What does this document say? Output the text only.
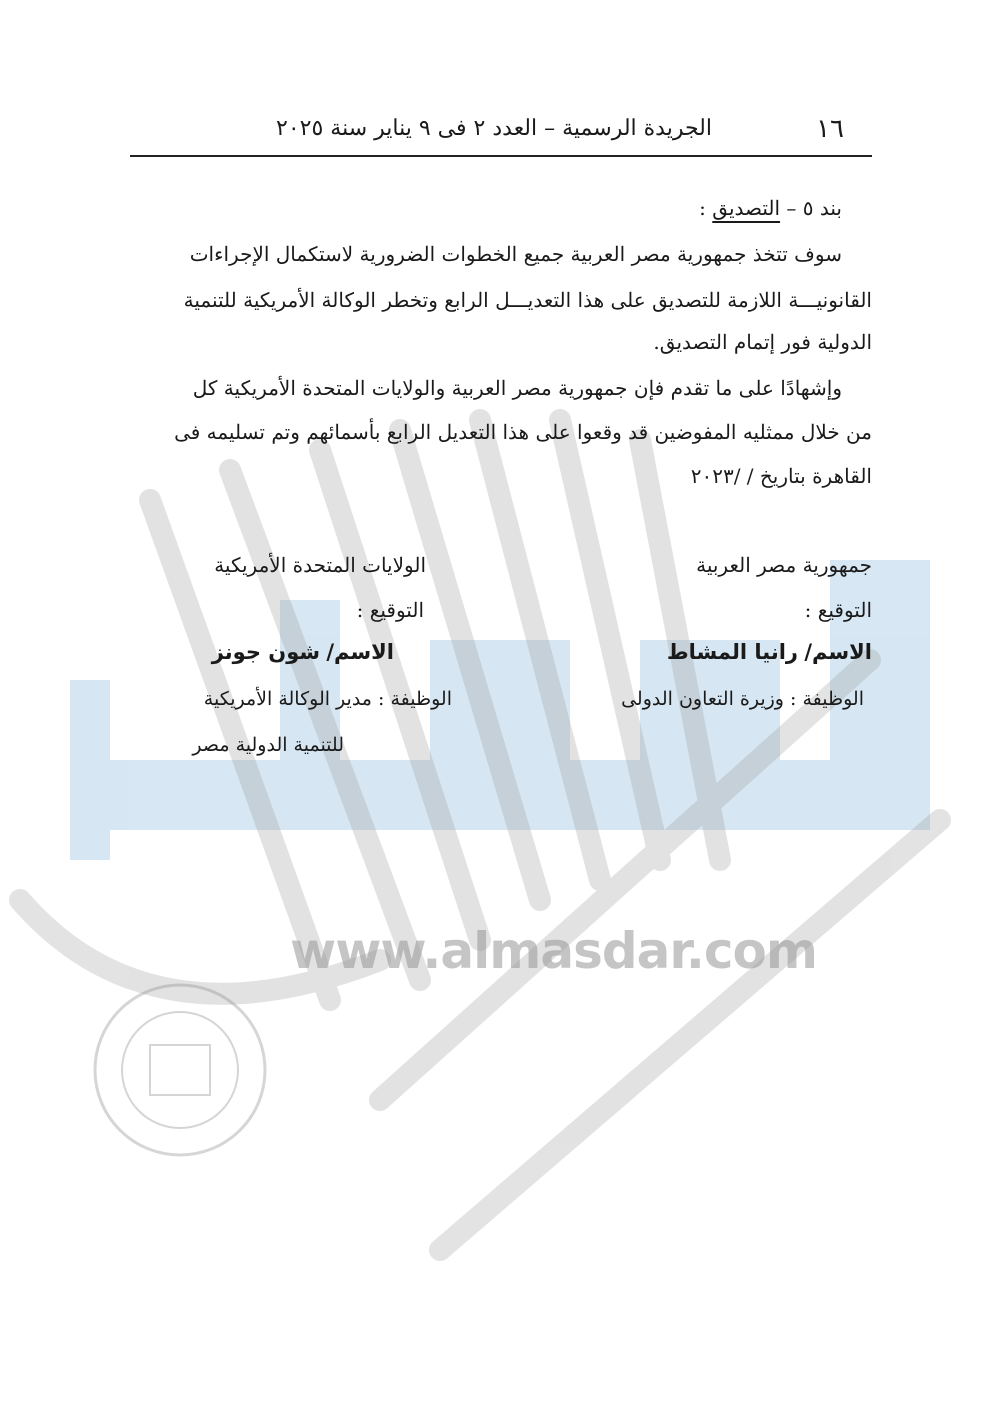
www.almasdar.com
١٦
الجريدة الرسمية – العدد ٢ فى ٩ يناير سنة ٢٠٢٥
بند ٥ – التصديق :
سوف تتخذ جمهورية مصر العربية جميع الخطوات الضرورية لاستكمال الإجراءات
القانونيـــة اللازمة للتصديق على هذا التعديـــل الرابع وتخطر الوكالة الأمريكية للتنمية
الدولية فور إتمام التصديق.
وإشهادًا على ما تقدم فإن جمهورية مصر العربية والولايات المتحدة الأمريكية كل
من خلال ممثليه المفوضين قد وقعوا على هذا التعديل الرابع بأسمائهم وتم تسليمه فى
القاهرة بتاريخ / /٢٠٢٣
جمهورية مصر العربية
التوقيع :
الاسم/ رانيا المشاط
الوظيفة : وزيرة التعاون الدولى
الولايات المتحدة الأمريكية
التوقيع :
الاسم/ شون جونز
الوظيفة : مدير الوكالة الأمريكية
للتنمية الدولية مصر
